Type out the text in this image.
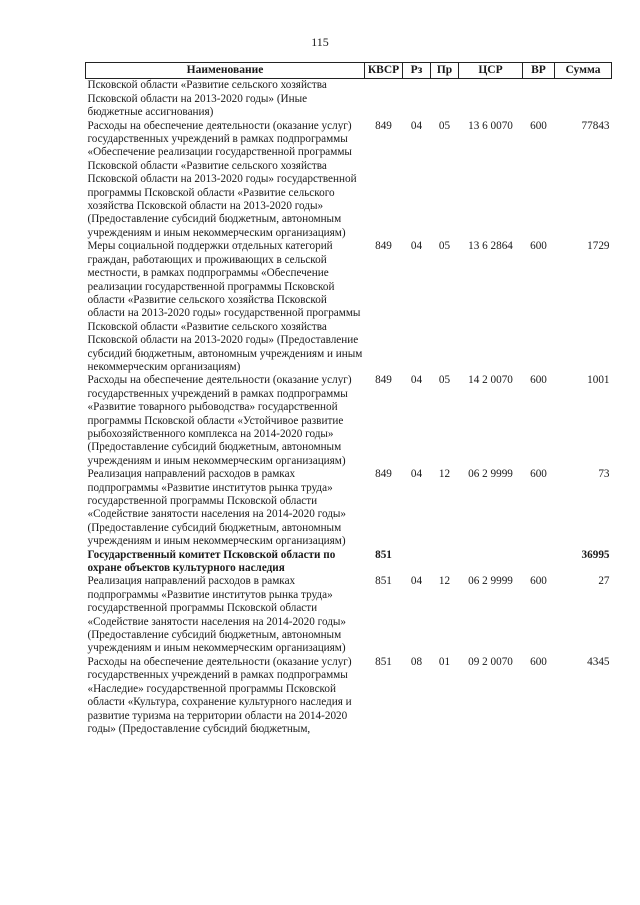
115
Наименование	КВСР	Рз	Пр	ЦСР	ВР	Сумма
Псковской области «Развитие сельского хозяйства Псковской области на 2013-2020 годы» (Иные бюджетные ассигнования)						
Расходы на обеспечение деятельности (оказание услуг) государственных учреждений в рамках подпрограммы «Обеспечение реализации государственной программы Псковской области «Развитие сельского хозяйства Псковской области на 2013-2020 годы» государственной программы Псковской области «Развитие сельского хозяйства Псковской области на 2013-2020 годы» (Предоставление субсидий бюджетным, автономным учреждениям и иным некоммерческим организациям)	849	04	05	13 6 0070	600	77843
Меры социальной поддержки отдельных категорий граждан, работающих и проживающих в сельской местности, в рамках подпрограммы «Обеспечение реализации государственной программы Псковской области «Развитие сельского хозяйства Псковской области на 2013-2020 годы» государственной программы Псковской области «Развитие сельского хозяйства Псковской области на 2013-2020 годы» (Предоставление субсидий бюджетным, автономным учреждениям и иным некоммерческим организациям)	849	04	05	13 6 2864	600	1729
Расходы на обеспечение деятельности (оказание услуг) государственных учреждений в рамках подпрограммы «Развитие товарного рыбоводства» государственной программы Псковской области «Устойчивое развитие рыбохозяйственного комплекса на 2014-2020 годы» (Предоставление субсидий бюджетным, автономным учреждениям и иным некоммерческим организациям)	849	04	05	14 2 0070	600	1001
Реализация направлений расходов в рамках подпрограммы «Развитие институтов рынка труда» государственной программы Псковской области «Содействие занятости населения на 2014-2020 годы» (Предоставление субсидий бюджетным, автономным учреждениям и иным некоммерческим организациям)	849	04	12	06 2 9999	600	73
Государственный комитет Псковской области по охране объектов культурного наследия	851					36995
Реализация направлений расходов в рамках подпрограммы «Развитие институтов рынка труда» государственной программы Псковской области «Содействие занятости населения на 2014-2020 годы» (Предоставление субсидий бюджетным, автономным учреждениям и иным некоммерческим организациям)	851	04	12	06 2 9999	600	27
Расходы на обеспечение деятельности (оказание услуг) государственных учреждений в рамках подпрограммы «Наследие» государственной программы Псковской области «Культура, сохранение культурного наследия и развитие туризма на территории области на 2014-2020 годы» (Предоставление субсидий бюджетным,	851	08	01	09 2 0070	600	4345
